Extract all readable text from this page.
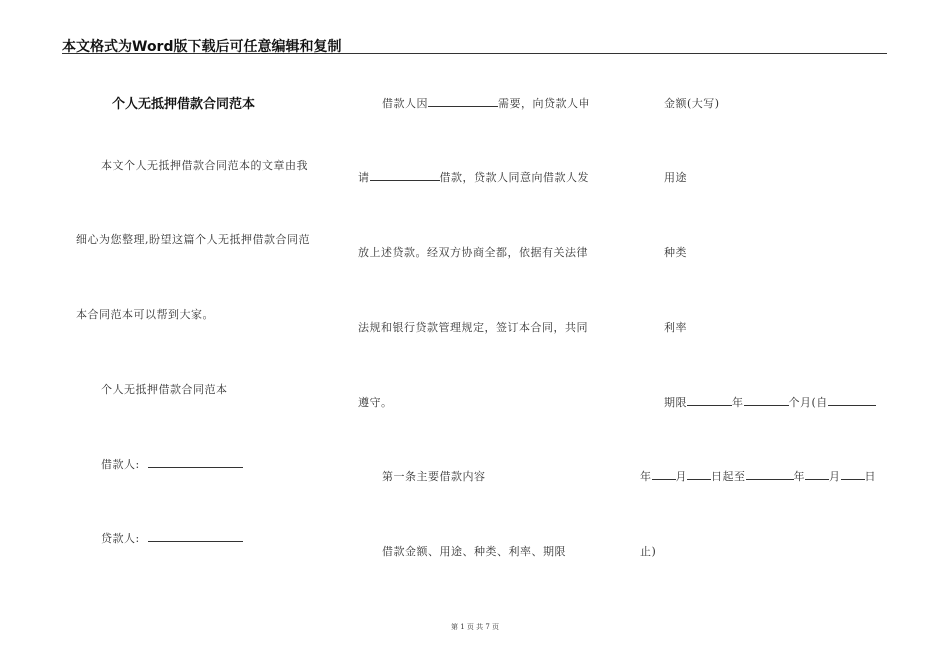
本文格式为Word版下载后可任意编辑和复制
个人无抵押借款合同范本
本文个人无抵押借款合同范本的文章由我
细心为您整理,盼望这篇个人无抵押借款合同范
本合同范本可以帮到大家。
个人无抵押借款合同范本
借款人:
贷款人:
借款人因	需要，向贷款人申
请	借款，贷款人同意向借款人发
放上述贷款。经双方协商全都，依据有关法律
法规和银行贷款管理规定，签订本合同，共同
遵守。
第一条主要借款内容
借款金额、用途、种类、利率、期限
金额(大写)
用途
种类
利率
期限	年	个月(自
年 月 日起至	年 月 日
止)
第 1 页 共 7 页
